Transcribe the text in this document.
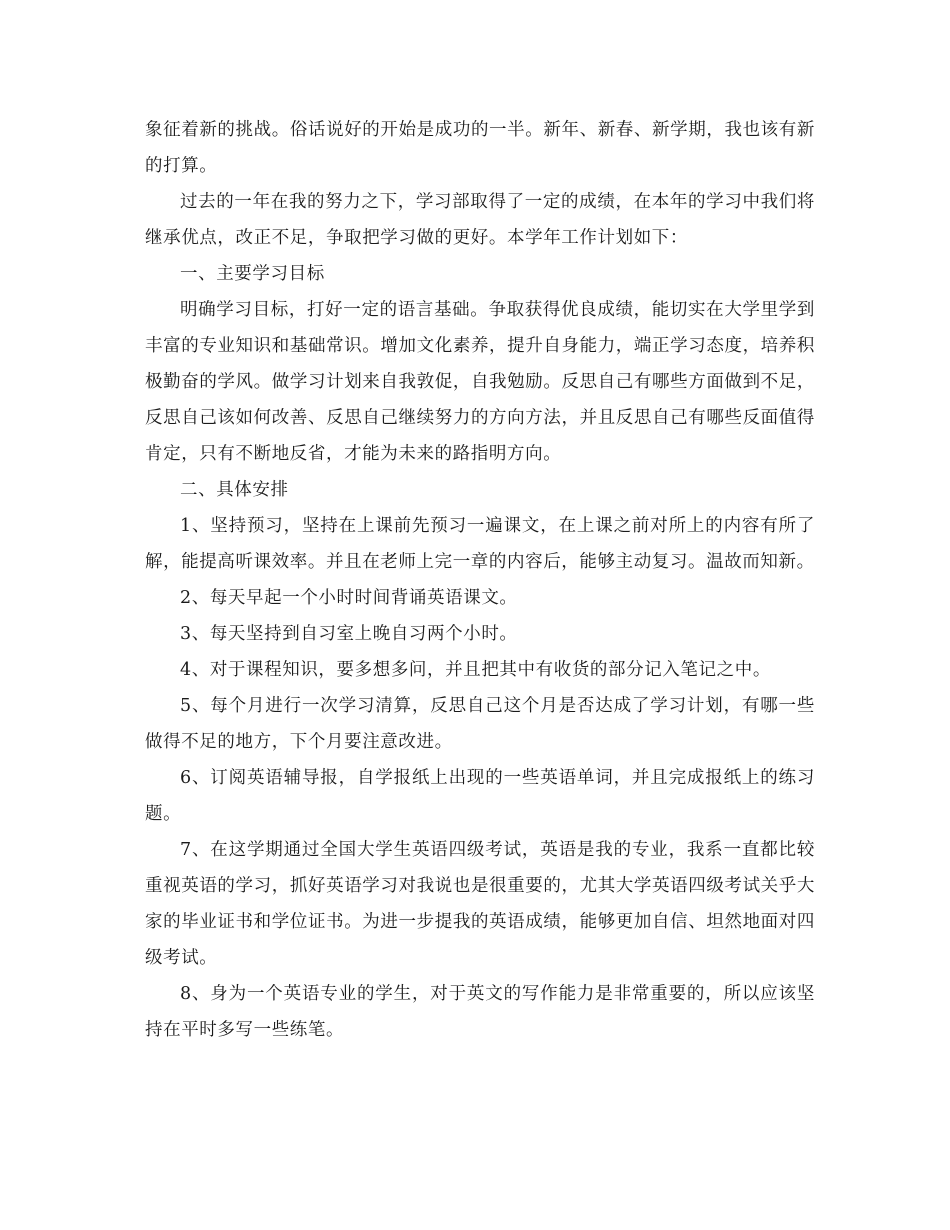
象征着新的挑战。俗话说好的开始是成功的一半。新年、新春、新学期，我也该有新的打算。

过去的一年在我的努力之下，学习部取得了一定的成绩，在本年的学习中我们将继承优点，改正不足，争取把学习做的更好。本学年工作计划如下：

一、主要学习目标

明确学习目标，打好一定的语言基础。争取获得优良成绩，能切实在大学里学到丰富的专业知识和基础常识。增加文化素养，提升自身能力，端正学习态度，培养积极勤奋的学风。做学习计划来自我敦促，自我勉励。反思自己有哪些方面做到不足，反思自己该如何改善、反思自己继续努力的方向方法，并且反思自己有哪些反面值得肯定，只有不断地反省，才能为未来的路指明方向。

二、具体安排

1、坚持预习，坚持在上课前先预习一遍课文，在上课之前对所上的内容有所了解，能提高听课效率。并且在老师上完一章的内容后，能够主动复习。温故而知新。

2、每天早起一个小时时间背诵英语课文。

3、每天坚持到自习室上晚自习两个小时。

4、对于课程知识，要多想多问，并且把其中有收货的部分记入笔记之中。

5、每个月进行一次学习清算，反思自己这个月是否达成了学习计划，有哪一些做得不足的地方，下个月要注意改进。

6、订阅英语辅导报，自学报纸上出现的一些英语单词，并且完成报纸上的练习题。

7、在这学期通过全国大学生英语四级考试，英语是我的专业，我系一直都比较重视英语的学习，抓好英语学习对我说也是很重要的，尤其大学英语四级考试关乎大家的毕业证书和学位证书。为进一步提我的英语成绩，能够更加自信、坦然地面对四级考试。

8、身为一个英语专业的学生，对于英文的写作能力是非常重要的，所以应该坚持在平时多写一些练笔。
